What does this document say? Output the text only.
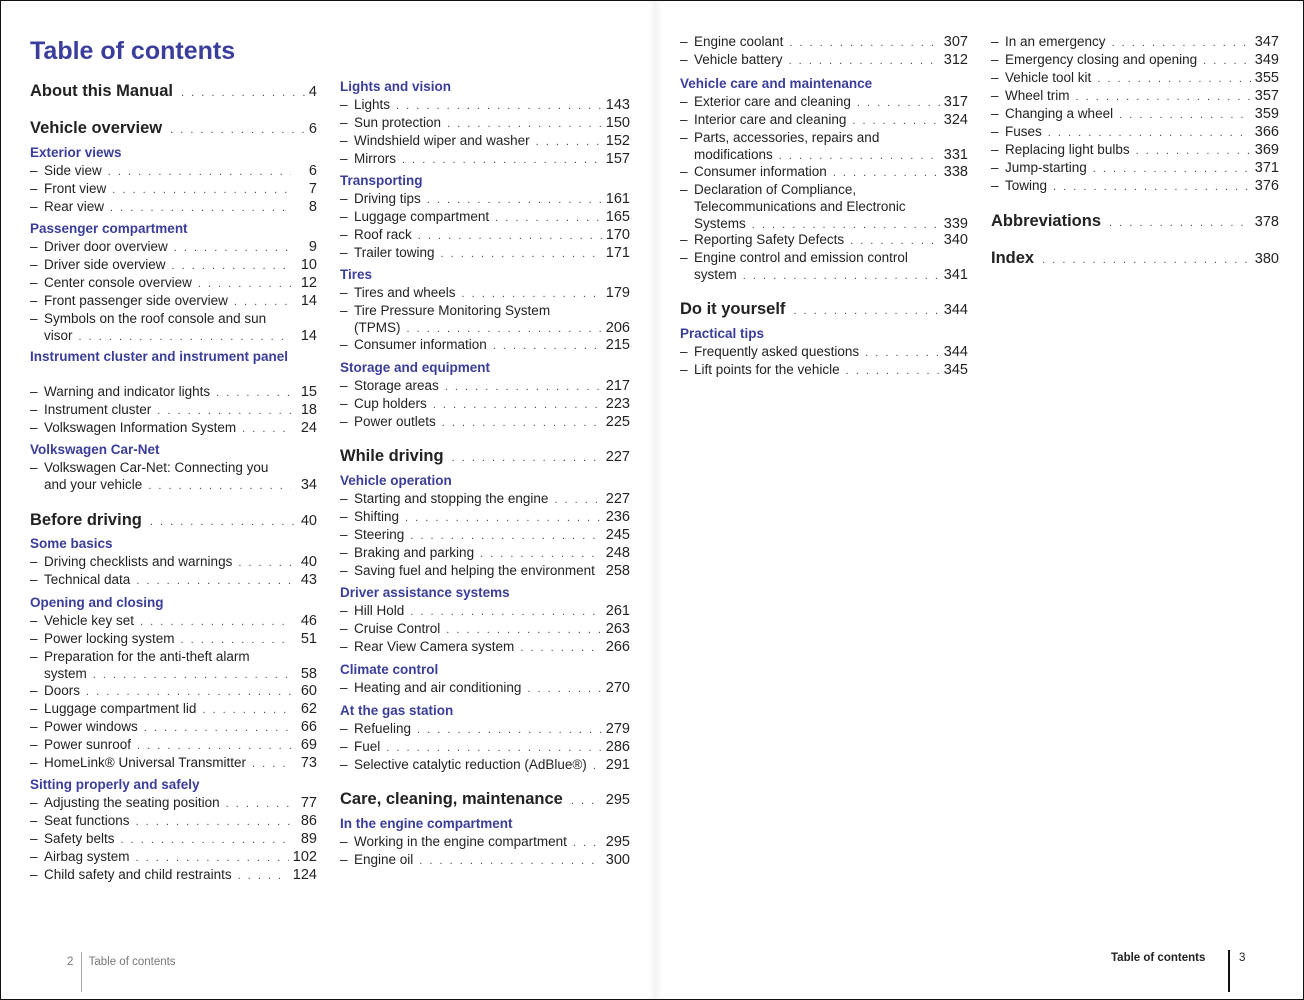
Table of contents
About this Manual . . .	4
Vehicle overview . . .	6
Exterior views
– Side view . . .	6
– Front view . . .	7
– Rear view . . .	8
Passenger compartment
– Driver door overview . . .	9
– Driver side overview . . .	10
– Center console overview . . .	12
– Front passenger side overview . . .	14
– Symbols on the roof console and sun
visor . . .	14
Instrument cluster and instrument panel
– Warning and indicator lights . . .	15
– Instrument cluster . . .	18
– Volkswagen Information System . . .	24
Volkswagen Car-Net
– Volkswagen Car-Net: Connecting you
and your vehicle . . .	34
Before driving . . .	40
Some basics
– Driving checklists and warnings . . .	40
– Technical data . . .	43
Opening and closing
– Vehicle key set . . .	46
– Power locking system . . .	51
– Preparation for the anti-theft alarm
system . . .	58
– Doors . . .	60
– Luggage compartment lid . . .	62
– Power windows . . .	66
– Power sunroof . . .	69
– HomeLink® Universal Transmitter . . .	73
Sitting properly and safely
– Adjusting the seating position . . .	77
– Seat functions . . .	86
– Safety belts . . .	89
– Airbag system . . .	102
– Child safety and child restraints . . .	124
Lights and vision
– Lights . . .	143
– Sun protection . . .	150
– Windshield wiper and washer . . .	152
– Mirrors . . .	157
Transporting
– Driving tips . . .	161
– Luggage compartment . . .	165
– Roof rack . . .	170
– Trailer towing . . .	171
Tires
– Tires and wheels . . .	179
– Tire Pressure Monitoring System
(TPMS) . . .	206
– Consumer information . . .	215
Storage and equipment
– Storage areas . . .	217
– Cup holders . . .	223
– Power outlets . . .	225
While driving . . .	227
Vehicle operation
– Starting and stopping the engine . . .	227
– Shifting . . .	236
– Steering . . .	245
– Braking and parking . . .	248
– Saving fuel and helping the environment . . . 258
Driver assistance systems
– Hill Hold . . .	261
– Cruise Control . . .	263
– Rear View Camera system . . .	266
Climate control
– Heating and air conditioning . . .	270
At the gas station
– Refueling . . .	279
– Fuel . . .	286
– Selective catalytic reduction (AdBlue®) . . . 291
Care, cleaning, maintenance . . .	295
In the engine compartment
– Working in the engine compartment . . .	295
– Engine oil . . .	300
– Engine coolant . . .	307
– Vehicle battery . . .	312
Vehicle care and maintenance
– Exterior care and cleaning . . .	317
– Interior care and cleaning . . .	324
– Parts, accessories, repairs and
modifications . . .	331
– Consumer information . . .	338
– Declaration of Compliance,
Telecommunications and Electronic
Systems . . .	339
– Reporting Safety Defects . . .	340
– Engine control and emission control
system . . .	341
Do it yourself . . .	344
Practical tips
– Frequently asked questions . . .	344
– Lift points for the vehicle . . .	345
– In an emergency . . .	347
– Emergency closing and opening . . .	349
– Vehicle tool kit . . .	355
– Wheel trim . . .	357
– Changing a wheel . . .	359
– Fuses . . .	366
– Replacing light bulbs . . .	369
– Jump-starting . . .	371
– Towing . . .	376
Abbreviations . . .	378
Index . . .	380
2 Table of contents	Table of contents	3
